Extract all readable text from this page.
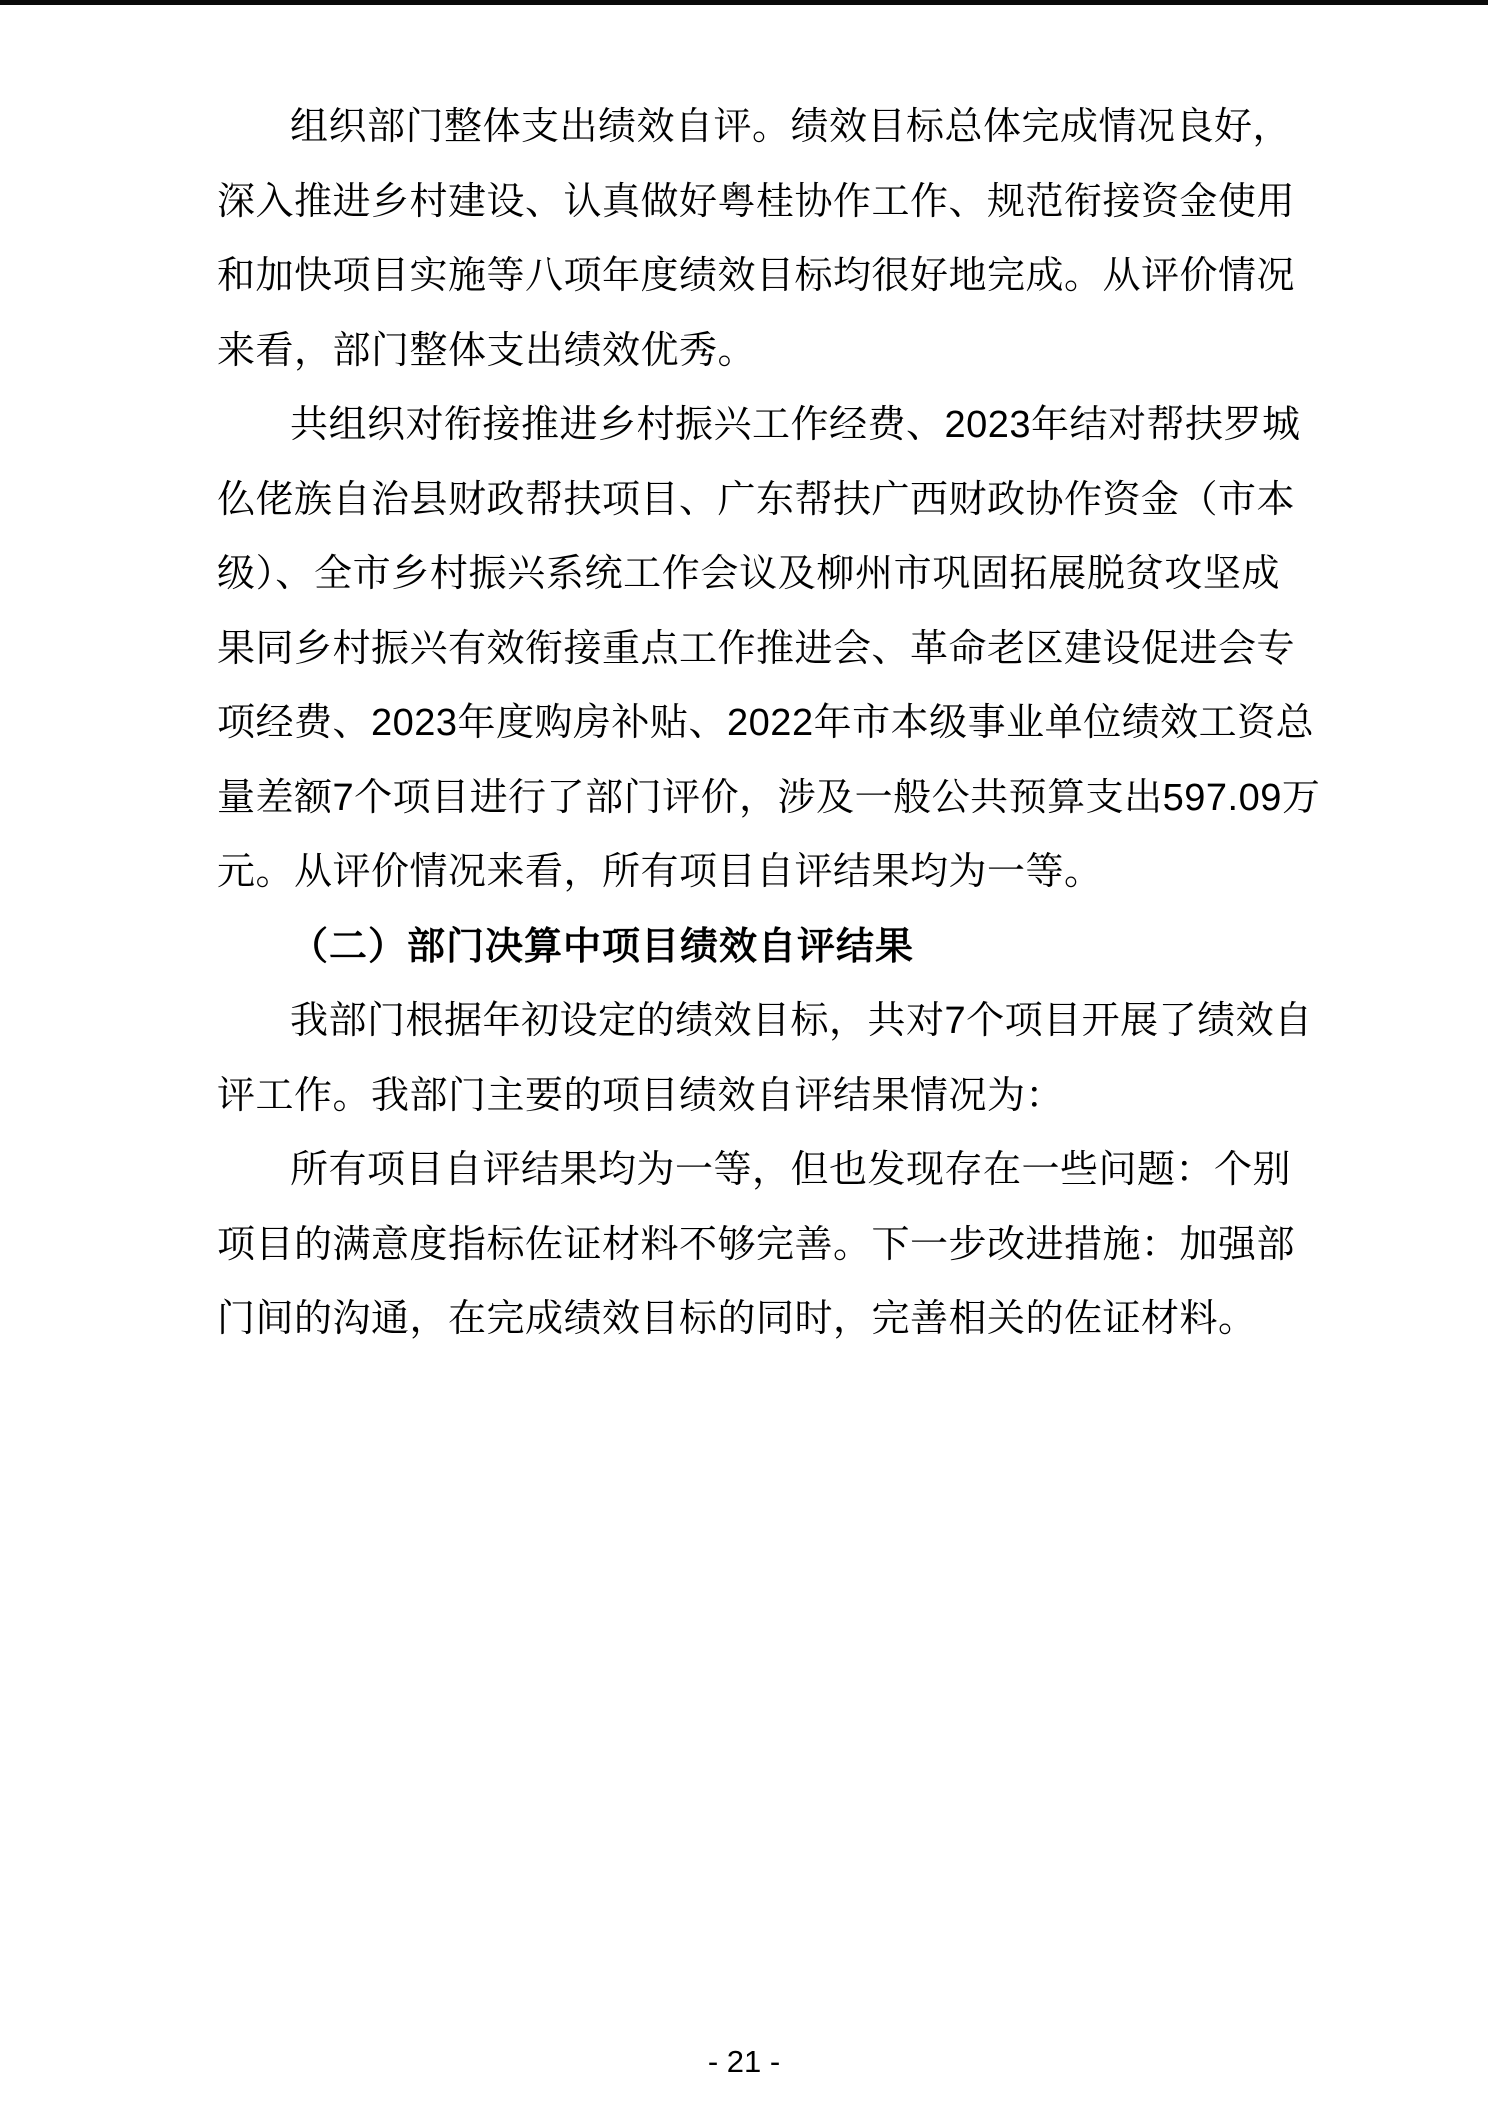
组织部门整体支出绩效自评。绩效目标总体完成情况良好，
深入推进乡村建设、认真做好粤桂协作工作、规范衔接资金使用
和加快项目实施等八项年度绩效目标均很好地完成。从评价情况
来看，部门整体支出绩效优秀。
共组织对衔接推进乡村振兴工作经费、2023年结对帮扶罗城
仫佬族自治县财政帮扶项目、广东帮扶广西财政协作资金（市本
级）、全市乡村振兴系统工作会议及柳州市巩固拓展脱贫攻坚成
果同乡村振兴有效衔接重点工作推进会、革命老区建设促进会专
项经费、2023年度购房补贴、2022年市本级事业单位绩效工资总
量差额7个项目进行了部门评价，涉及一般公共预算支出597.09万
元。从评价情况来看，所有项目自评结果均为一等。
（二）部门决算中项目绩效自评结果
我部门根据年初设定的绩效目标，共对7个项目开展了绩效自
评工作。我部门主要的项目绩效自评结果情况为：
所有项目自评结果均为一等，但也发现存在一些问题：个别
项目的满意度指标佐证材料不够完善。下一步改进措施：加强部
门间的沟通，在完成绩效目标的同时，完善相关的佐证材料。
- 21 -
